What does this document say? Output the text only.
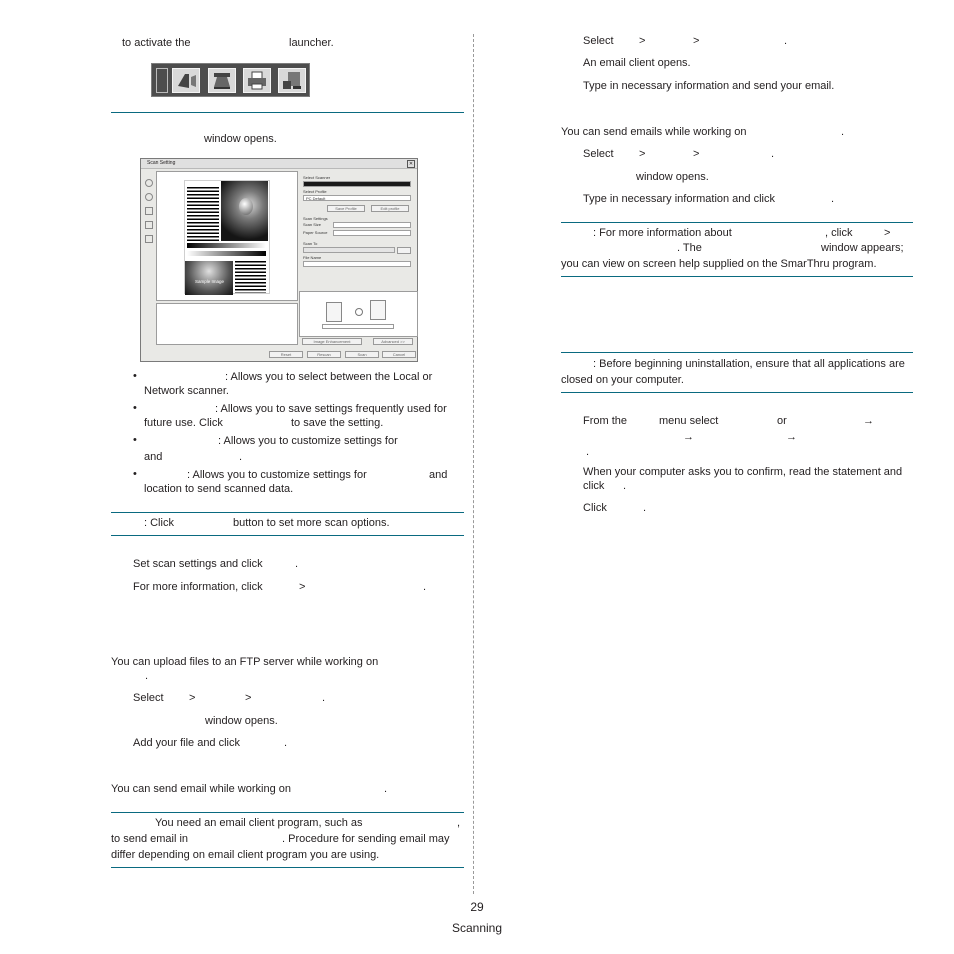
to activate the	launcher.
window opens.
Scan Setting	✕
Sample Image
Select Scanner
Select Profile
PC Default
Save Profile	Edit profile
Scan Settings
Scan Size
Paper Source
Scan To
File Name
Image Enhancement	Advanced >>
Reset	Rescan	Scan	Cancel
•	: Allows you to select between the Local or
Network scanner.
•	: Allows you to save settings frequently used for
future use. Click	to save the setting.
•	: Allows you to customize settings for
and	.
•	: Allows you to customize settings for	and
location to send scanned data.
: Click	button to set more scan options.
Set scan settings and click	.
For more information, click	>	.
You can upload files to an FTP server while working on
.
Select >	>	.
window opens.
Add your file and click	.
You can send email while working on	.
You need an email client program, such as	,
to send email in	. Procedure for sending email may
differ depending on email client program you are using.
Select >	>	.
An email client opens.
Type in necessary information and send your email.
You can send emails while working on	.
Select >	>	.
window opens.
Type in necessary information and click	.
: For more information about	, click	>
. The	window appears;
you can view on screen help supplied on the SmarThru program.
: Before beginning uninstallation, ensure that all applications are
closed on your computer.
From the	menu select	or	→
→	→
.
When your computer asks you to confirm, read the statement and
click .
Click	.
29
Scanning
